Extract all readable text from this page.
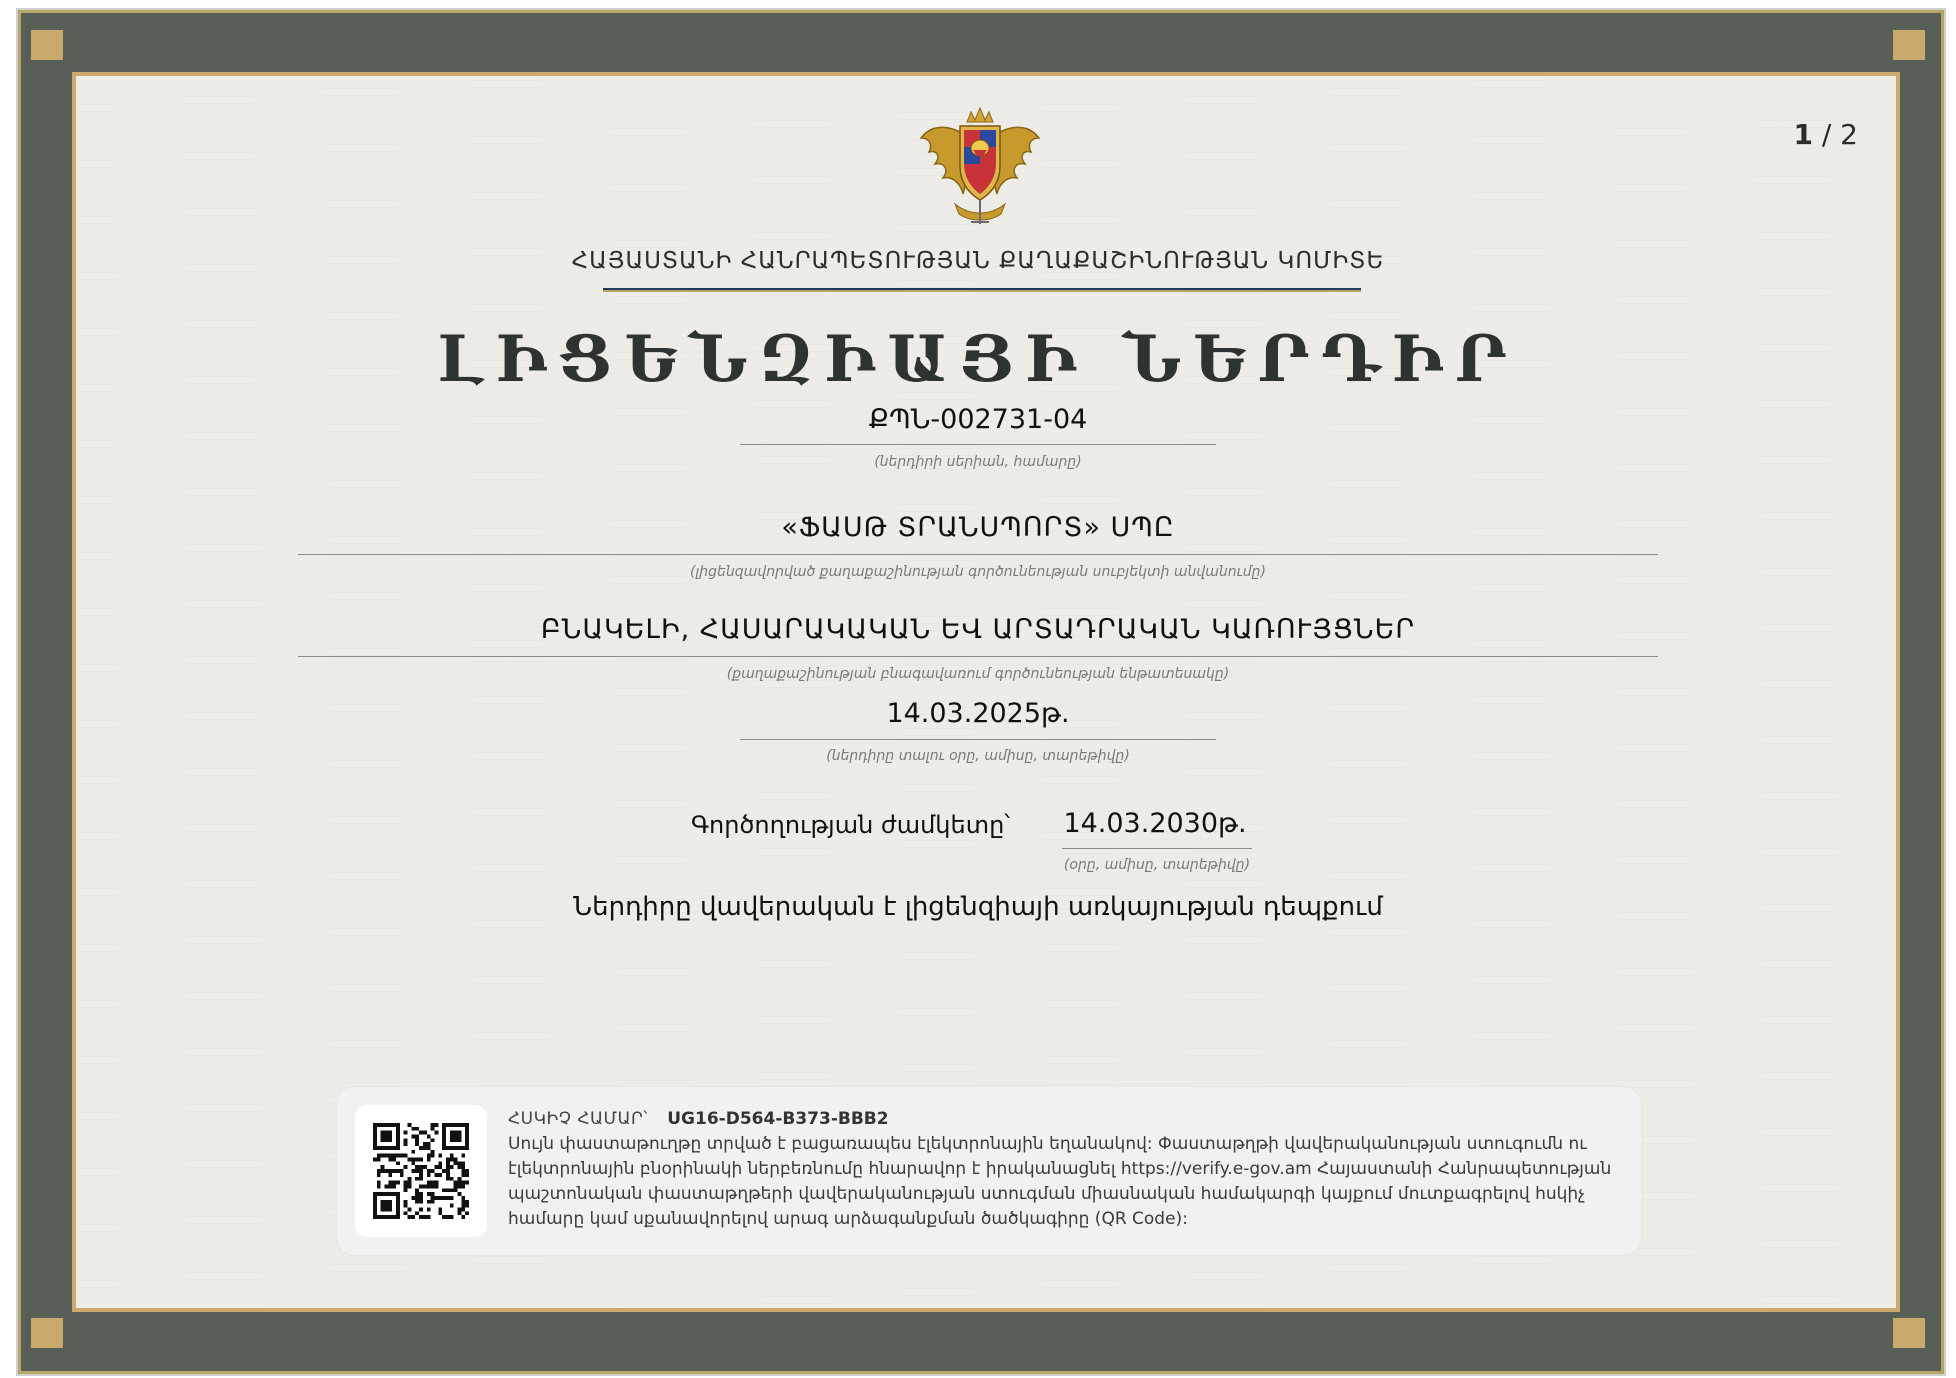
1 / 2
ՀԱՅԱՍՏԱՆԻ ՀԱՆՐԱՊԵՏՈՒԹՅԱՆ ՔԱՂԱՔԱՇԻՆՈՒԹՅԱՆ ԿՈՄԻՏԵ
ԼԻՑԵՆԶԻԱՅԻ ՆԵՐԴԻՐ
ՔՊՆ-002731-04
(ներդիրի սերիան, համարը)
«ՖԱՍԹ ՏՐԱՆՍՊՈՐՏ» ՍՊԸ
(լիցենզավորված քաղաքաշինության գործունեության սուբյեկտի անվանումը)
ԲՆԱԿԵԼԻ, ՀԱՍԱՐԱԿԱԿԱՆ ԵՎ ԱՐՏԱԴՐԱԿԱՆ ԿԱՌՈՒՅՑՆԵՐ
(քաղաքաշինության բնագավառում գործունեության ենթատեսակը)
14.03.2025թ.
(ներդիրը տալու օրը, ամիսը, տարեթիվը)
Գործողության ժամկետը՝ 14.03.2030թ.
(օրը, ամիսը, տարեթիվը)
Ներդիրը վավերական է լիցենզիայի առկայության դեպքում
ՀՍԿԻՉ ՀԱՄԱՐ՝ UG16-D564-B373-BBB2
Սույն փաստաթուղթը տրված է բացառապես էլեկտրոնային եղանակով: Փաստաթղթի վավերականության ստուգումն ու
էլեկտրոնային բնօրինակի ներբեռնումը հնարավոր է իրականացնել https://verify.e-gov.am Հայաստանի Հանրապետության
պաշտոնական փաստաթղթերի վավերականության ստուգման միասնական համակարգի կայքում մուտքագրելով հսկիչ
համարը կամ սքանավորելով արագ արձագանքման ծածկագիրը (QR Code):
